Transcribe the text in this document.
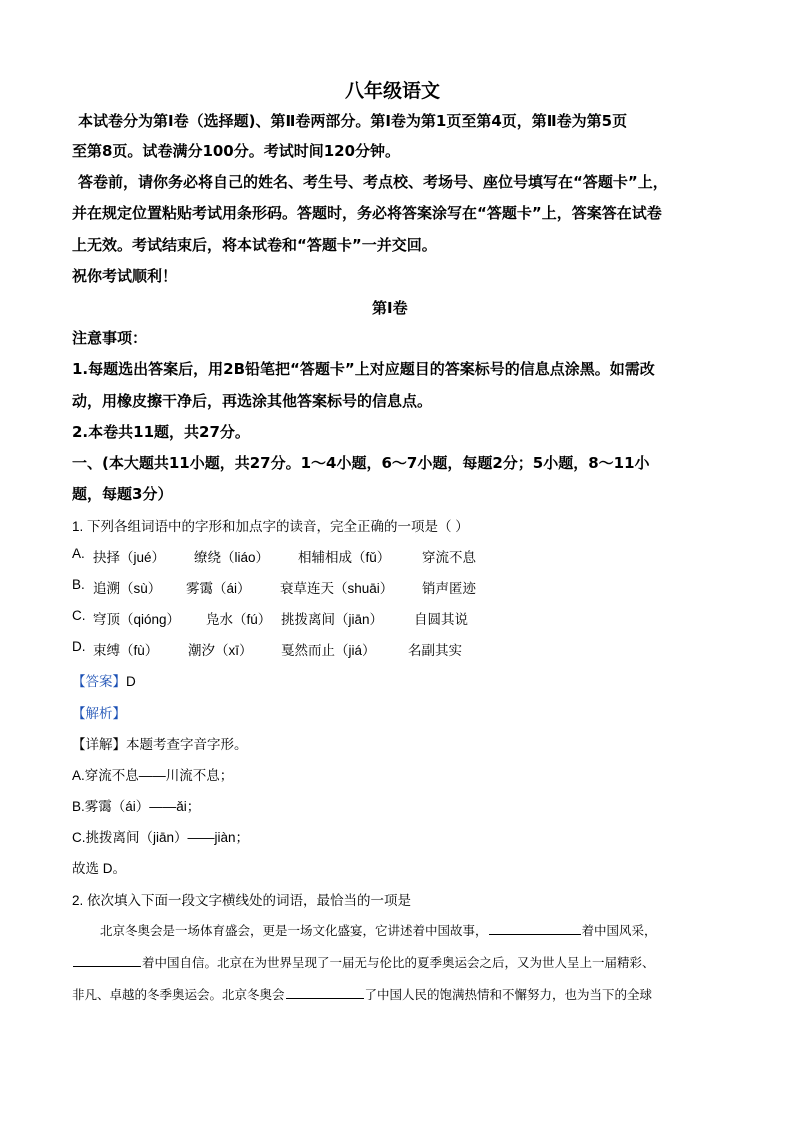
八年级语文
本试卷分为第Ⅰ卷（选择题)、第Ⅱ卷两部分。第Ⅰ卷为第1页至第4页，第Ⅱ卷为第5页
至第8页。试卷满分100分。考试时间120分钟。
答卷前，请你务必将自己的姓名、考生号、考点校、考场号、座位号填写在“答题卡”上，
并在规定位置粘贴考试用条形码。答题时，务必将答案涂写在“答题卡”上，答案答在试卷
上无效。考试结束后，将本试卷和“答题卡”一并交回。
祝你考试顺利！
第Ⅰ卷
注意事项：
1.每题选出答案后，用2B铅笔把“答题卡”上对应题目的答案标号的信息点涂黑。如需改
动，用橡皮擦干净后，再选涂其他答案标号的信息点。
2.本卷共11题，共27分。
一、(本大题共11小题，共27分。1～4小题，6～7小题，每题2分；5小题，8～11小
题，每题3分）
1. 下列各组词语中的字形和加点字的读音，完全正确的一项是（ ）
A. 抉择（jué） 缭绕（liáo） 相辅相成（fǔ） 穿流不息
B. 追溯（sù） 雾霭（ái） 衰草连天（shuāi） 销声匿迹
C. 穹顶（qióng） 凫水（fú） 挑拨离间（jiān） 自圆其说
D. 束缚（fù） 潮汐（xī） 戛然而止（jiá） 名副其实
【答案】D
【解析】
【详解】本题考查字音字形。
A.穿流不息——川流不息；
B.雾霭（ái）——ǎi；
C.挑拨离间（jiān）——jiàn；
故选 D。
2. 依次填入下面一段文字横线处的词语，最恰当的一项是
北京冬奥会是一场体育盛会，更是一场文化盛宴，它讲述着中国故事，	着中国风采，
着中国自信。北京在为世界呈现了一届无与伦比的夏季奥运会之后，又为世人呈上一届精彩、
非凡、卓越的冬季奥运会。北京冬奥会	了中国人民的饱满热情和不懈努力，也为当下的全球
